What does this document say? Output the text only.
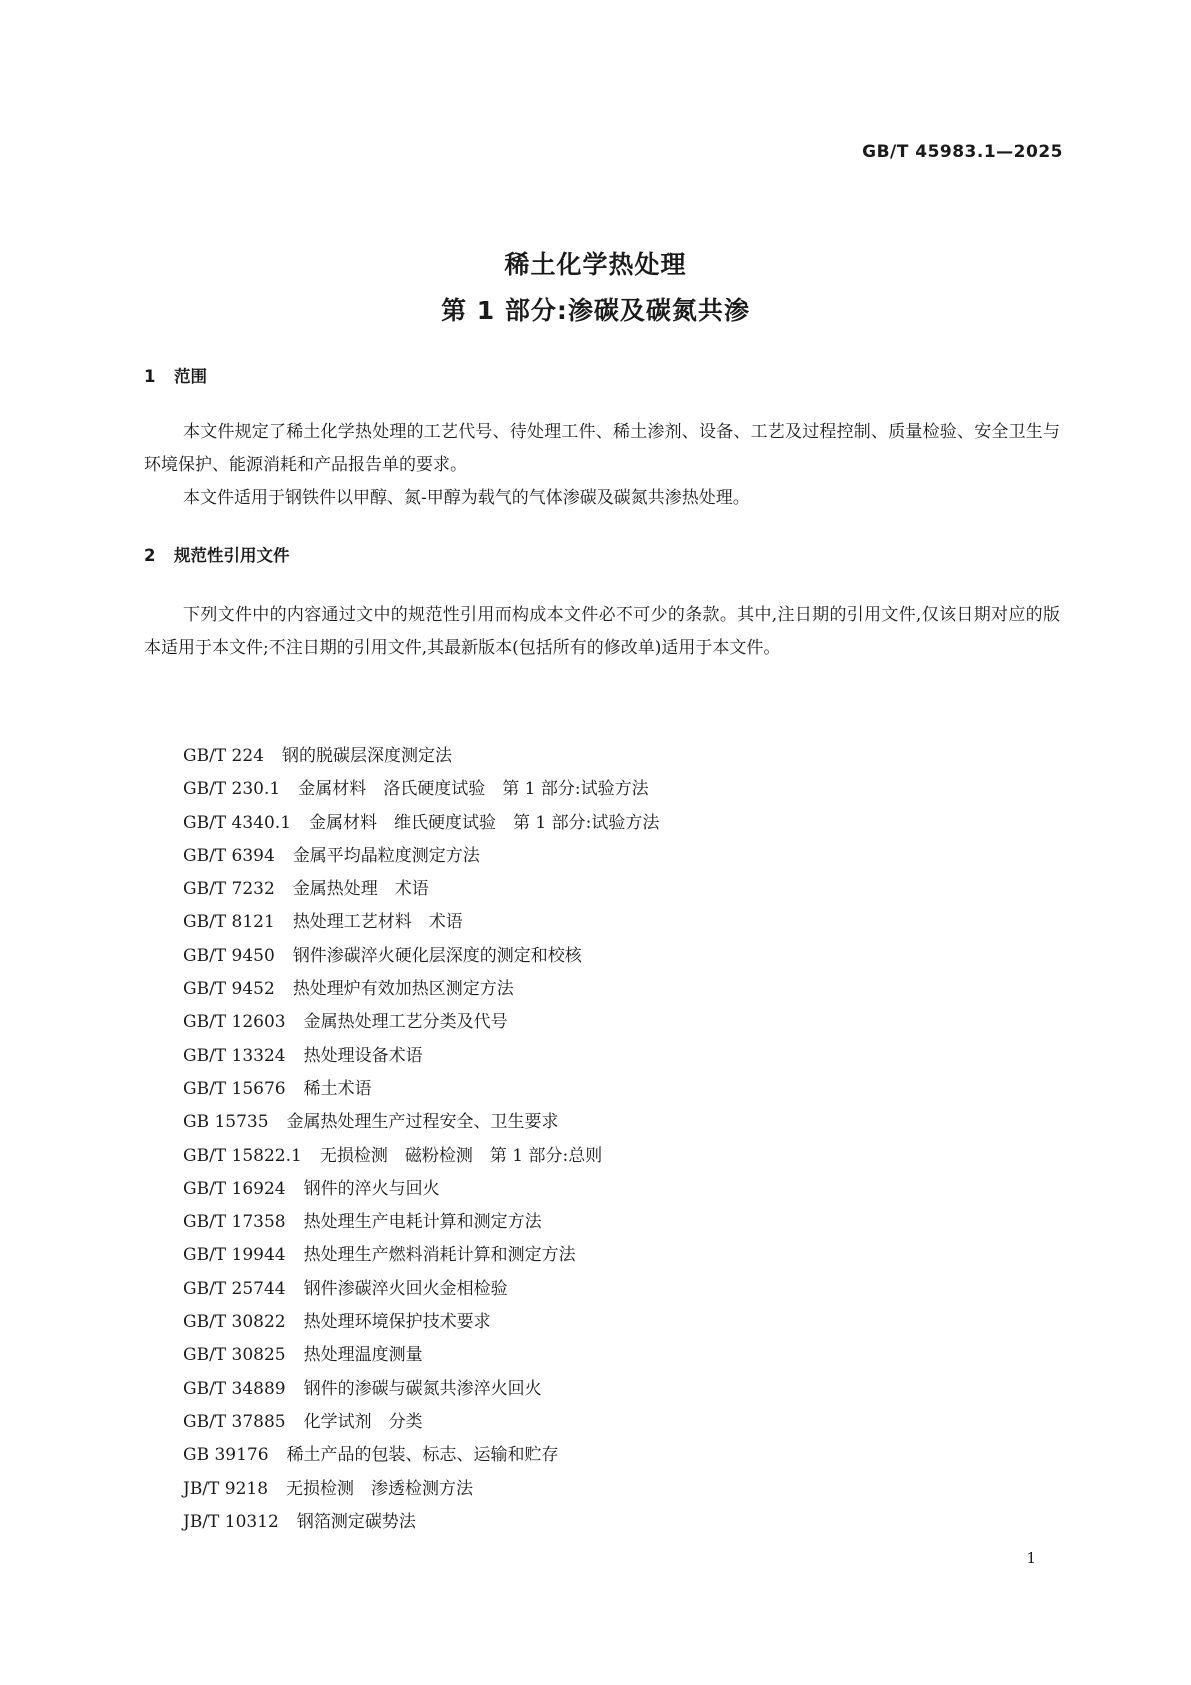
GB/T 45983.1—2025
稀土化学热处理
第 1 部分:渗碳及碳氮共渗
1 范围

本文件规定了稀土化学热处理的工艺代号、待处理工件、稀土渗剂、设备、工艺及过程控制、质量检验、安全卫生与环境保护、能源消耗和产品报告单的要求。

本文件适用于钢铁件以甲醇、氮-甲醇为载气的气体渗碳及碳氮共渗热处理。

2 规范性引用文件

下列文件中的内容通过文中的规范性引用而构成本文件必不可少的条款。其中,注日期的引用文件,仅该日期对应的版本适用于本文件;不注日期的引用文件,其最新版本(包括所有的修改单)适用于本文件。

GB/T 224 钢的脱碳层深度测定法
GB/T 230.1 金属材料　洛氏硬度试验　第 1 部分:试验方法
GB/T 4340.1 金属材料　维氏硬度试验　第 1 部分:试验方法
GB/T 6394 金属平均晶粒度测定方法
GB/T 7232 金属热处理　术语
GB/T 8121 热处理工艺材料　术语
GB/T 9450 钢件渗碳淬火硬化层深度的测定和校核
GB/T 9452 热处理炉有效加热区测定方法
GB/T 12603 金属热处理工艺分类及代号
GB/T 13324 热处理设备术语
GB/T 15676 稀土术语
GB 15735 金属热处理生产过程安全、卫生要求
GB/T 15822.1 无损检测　磁粉检测　第 1 部分:总则
GB/T 16924 钢件的淬火与回火
GB/T 17358 热处理生产电耗计算和测定方法
GB/T 19944 热处理生产燃料消耗计算和测定方法
GB/T 25744 钢件渗碳淬火回火金相检验
GB/T 30822 热处理环境保护技术要求
GB/T 30825 热处理温度测量
GB/T 34889 钢件的渗碳与碳氮共渗淬火回火
GB/T 37885 化学试剂　分类
GB 39176 稀土产品的包装、标志、运输和贮存
JB/T 9218 无损检测　渗透检测方法
JB/T 10312 钢箔测定碳势法
1
